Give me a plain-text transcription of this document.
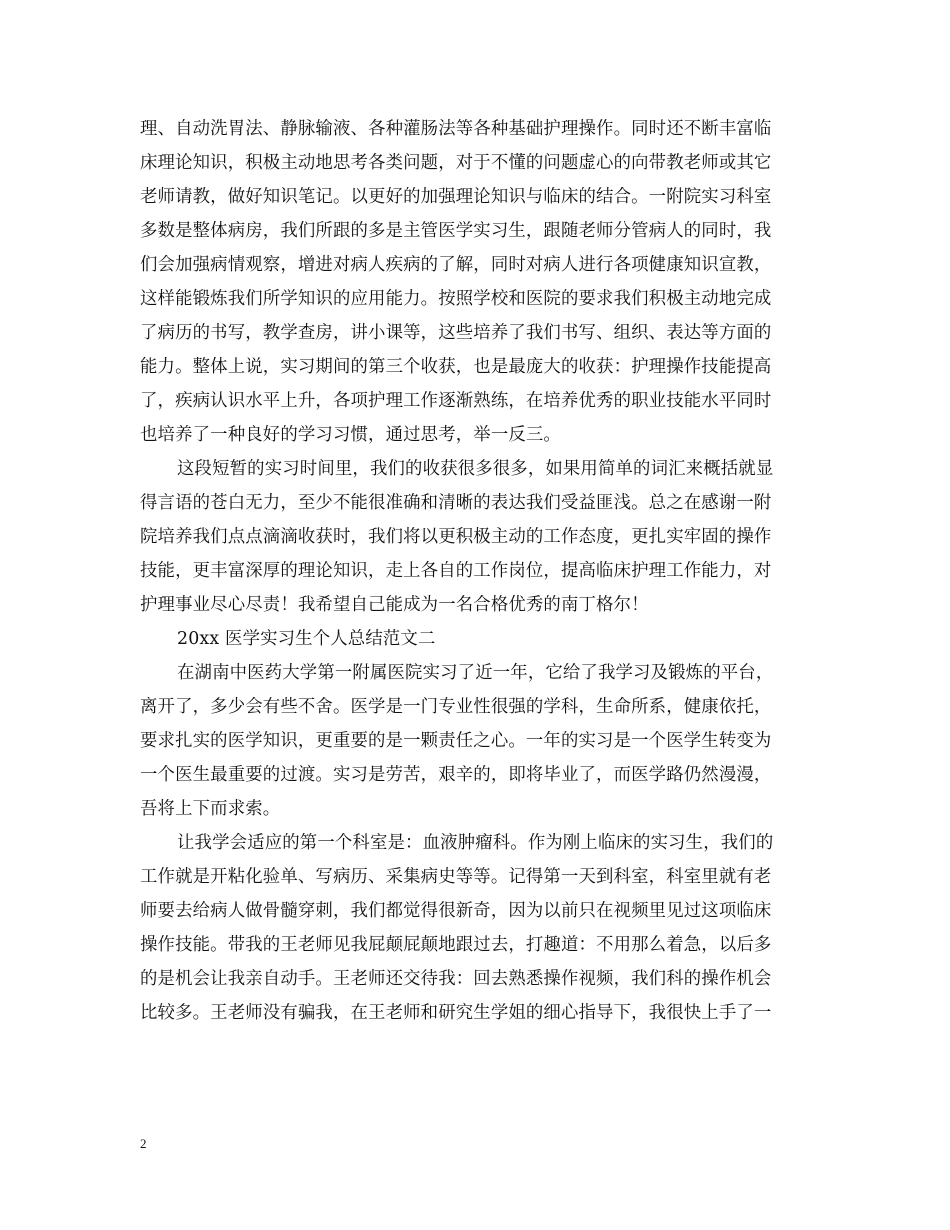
理、自动洗胃法、静脉输液、各种灌肠法等各种基础护理操作。同时还不断丰富临
床理论知识，积极主动地思考各类问题，对于不懂的问题虚心的向带教老师或其它
老师请教，做好知识笔记。以更好的加强理论知识与临床的结合。一附院实习科室
多数是整体病房，我们所跟的多是主管医学实习生，跟随老师分管病人的同时，我
们会加强病情观察，增进对病人疾病的了解，同时对病人进行各项健康知识宣教，
这样能锻炼我们所学知识的应用能力。按照学校和医院的要求我们积极主动地完成
了病历的书写，教学查房，讲小课等，这些培养了我们书写、组织、表达等方面的
能力。整体上说，实习期间的第三个收获，也是最庞大的收获：护理操作技能提高
了，疾病认识水平上升，各项护理工作逐渐熟练，在培养优秀的职业技能水平同时
也培养了一种良好的学习习惯，通过思考，举一反三。
这段短暂的实习时间里，我们的收获很多很多，如果用简单的词汇来概括就显
得言语的苍白无力，至少不能很准确和清晰的表达我们受益匪浅。总之在感谢一附
院培养我们点点滴滴收获时，我们将以更积极主动的工作态度，更扎实牢固的操作
技能，更丰富深厚的理论知识，走上各自的工作岗位，提高临床护理工作能力，对
护理事业尽心尽责！我希望自己能成为一名合格优秀的南丁格尔！
20xx 医学实习生个人总结范文二
在湖南中医药大学第一附属医院实习了近一年，它给了我学习及锻炼的平台，
离开了，多少会有些不舍。医学是一门专业性很强的学科，生命所系，健康依托，
要求扎实的医学知识，更重要的是一颗责任之心。一年的实习是一个医学生转变为
一个医生最重要的过渡。实习是劳苦，艰辛的，即将毕业了，而医学路仍然漫漫，
吾将上下而求索。
让我学会适应的第一个科室是：血液肿瘤科。作为刚上临床的实习生，我们的
工作就是开粘化验单、写病历、采集病史等等。记得第一天到科室，科室里就有老
师要去给病人做骨髓穿刺，我们都觉得很新奇，因为以前只在视频里见过这项临床
操作技能。带我的王老师见我屁颠屁颠地跟过去，打趣道：不用那么着急，以后多
的是机会让我亲自动手。王老师还交待我：回去熟悉操作视频，我们科的操作机会
比较多。王老师没有骗我，在王老师和研究生学姐的细心指导下，我很快上手了一
2
